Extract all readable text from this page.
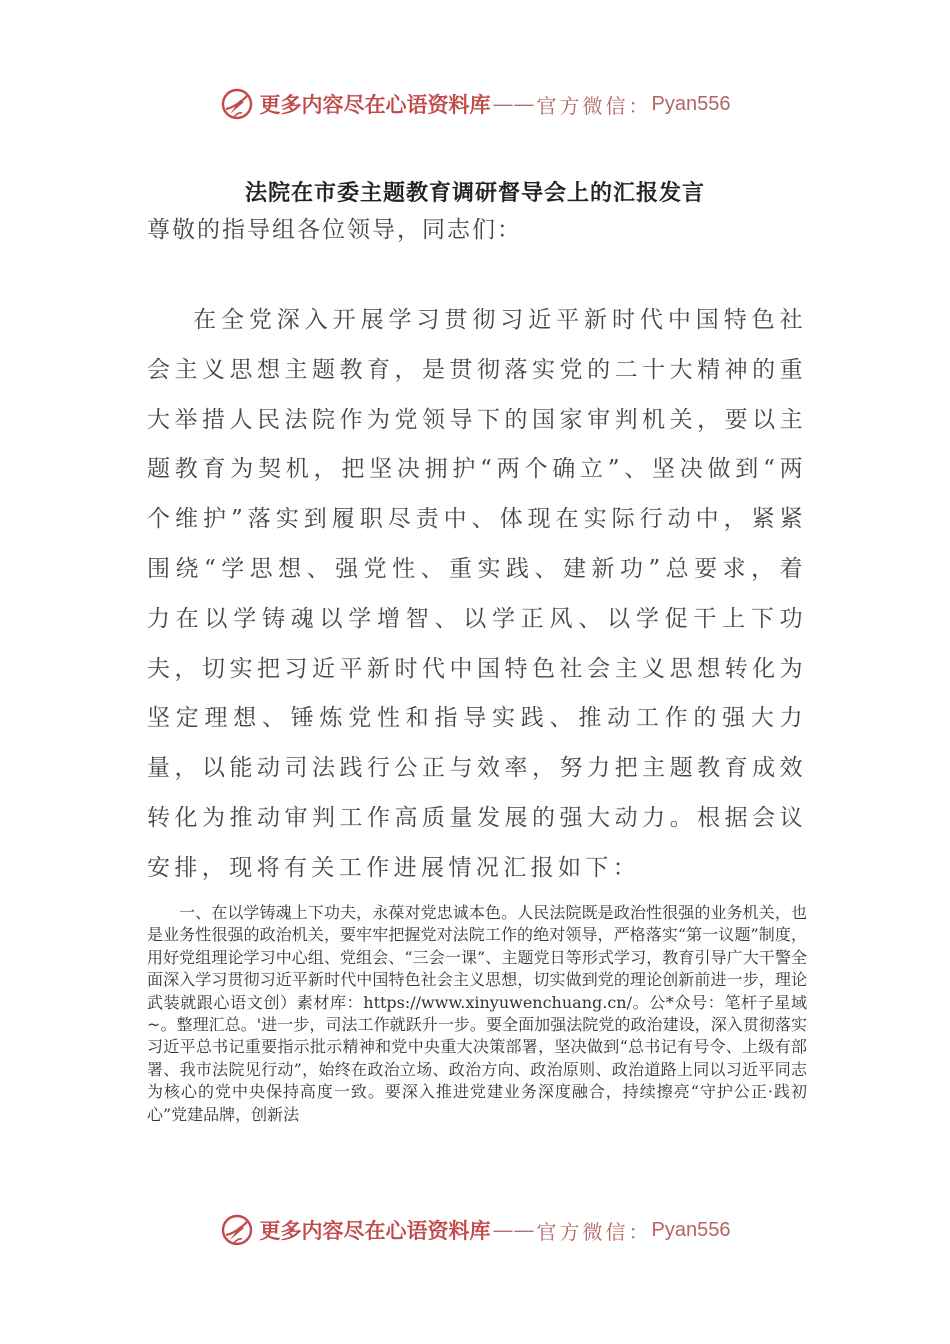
更多内容尽在心语资料库 —— 官方微信： Pyan556
法院在市委主题教育调研督导会上的汇报发言
尊敬的指导组各位领导，同志们：

在全党深入开展学习贯彻习近平新时代中国特色社会主义思想主题教育，是贯彻落实党的二十大精神的重大举措人民法院作为党领导下的国家审判机关，要以主题教育为契机，把坚决拥护“两个确立”、坚决做到“两个维护”落实到履职尽责中、体现在实际行动中，紧紧围绕“学思想、强党性、重实践、建新功”总要求，着力在以学铸魂以学增智、以学正风、以学促干上下功夫，切实把习近平新时代中国特色社会主义思想转化为坚定理想、锤炼党性和指导实践、推动工作的强大力量，以能动司法践行公正与效率，努力把主题教育成效转化为推动审判工作高质量发展的强大动力。根据会议安排，现将有关工作进展情况汇报如下：

一、在以学铸魂上下功夫，永葆对党忠诚本色。人民法院既是政治性很强的业务机关，也是业务性很强的政治机关，要牢牢把握党对法院工作的绝对领导，严格落实“第一议题”制度，用好党组理论学习中心组、党组会、“三会一课”、主题党日等形式学习，教育引导广大干警全面深入学习贯彻习近平新时代中国特色社会主义思想，切实做到党的理论创新前进一步，理论武装就跟心语文创）素材库：https://www.xinyuwenchuang.cn/。公*众号：笔杆子星域~。整理汇总。'进一步，司法工作就跃升一步。要全面加强法院党的政治建设，深入贯彻落实习近平总书记重要指示批示精神和党中央重大决策部署，坚决做到“总书记有号令、上级有部署、我市法院见行动”，始终在政治立场、政治方向、政治原则、政治道路上同以习近平同志为核心的党中央保持高度一致。要深入推进党建业务深度融合，持续擦亮“守护公正·践初心”党建品牌，创新法

更多内容尽在心语资料库 —— 官方微信： Pyan556
